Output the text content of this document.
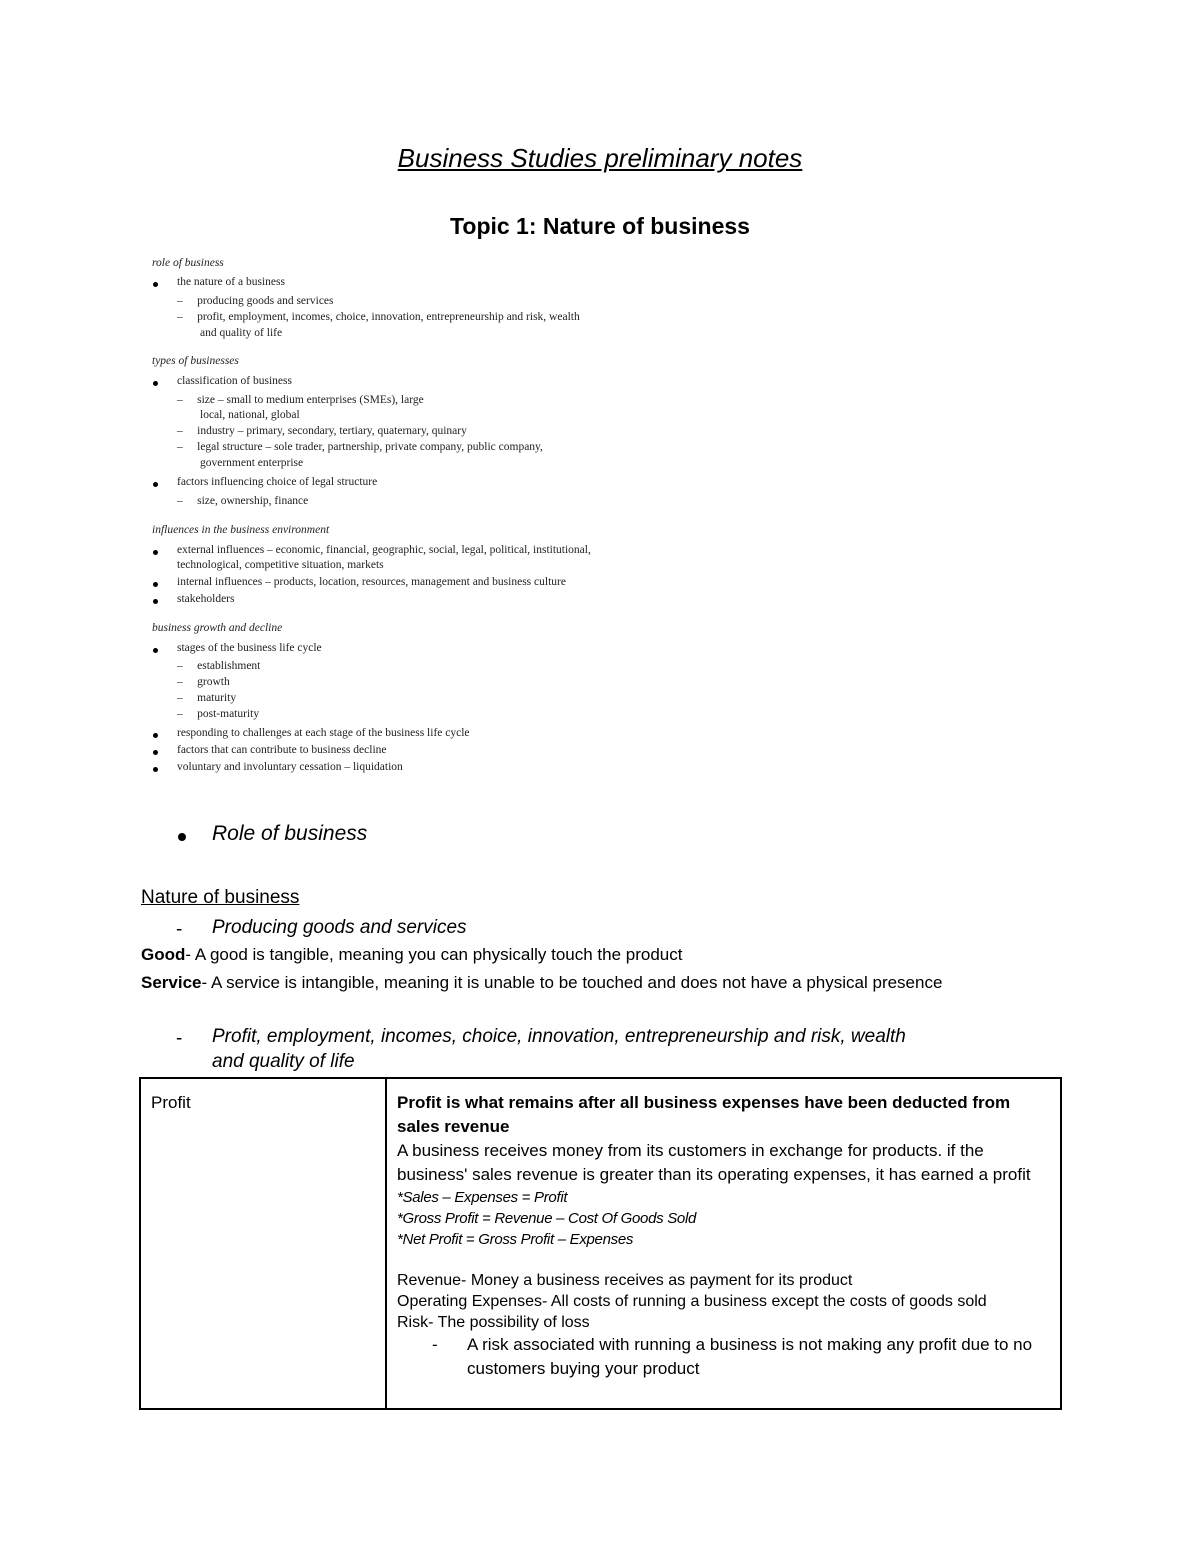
Business Studies preliminary notes
Topic 1: Nature of business
role of business
the nature of a business
–     producing goods and services
–     profit, employment, incomes, choice, innovation, entrepreneurship and risk, wealth
and quality of life
types of businesses
classification of business
–     size – small to medium enterprises (SMEs), large
local, national, global
–     industry – primary, secondary, tertiary, quaternary, quinary
–     legal structure – sole trader, partnership, private company, public company,
government enterprise
factors influencing choice of legal structure
–     size, ownership, finance
influences in the business environment
external influences – economic, financial, geographic, social, legal, political, institutional,
technological, competitive situation, markets
internal influences – products, location, resources, management and business culture
stakeholders
business growth and decline
stages of the business life cycle
–     establishment
–     growth
–     maturity
–     post-maturity
responding to challenges at each stage of the business life cycle
factors that can contribute to business decline
voluntary and involuntary cessation – liquidation
Role of business
Nature of business
- Producing goods and services
Good- A good is tangible, meaning you can physically touch the product
Service- A service is intangible, meaning it is unable to be touched and does not have a physical presence
- Profit, employment, incomes, choice, innovation, entrepreneurship and risk, wealth
and quality of life
Profit	Profit is what remains after all business expenses have been deducted from sales revenue
A business receives money from its customers in exchange for products. if the business' sales revenue is greater than its operating expenses, it has earned a profit
*Sales – Expenses = Profit
*Gross Profit = Revenue – Cost Of Goods Sold
*Net Profit = Gross Profit – Expenses
Revenue- Money a business receives as payment for its product
Operating Expenses- All costs of running a business except the costs of goods sold
Risk- The possibility of loss
- A risk associated with running a business is not making any profit due to no customers buying your product
